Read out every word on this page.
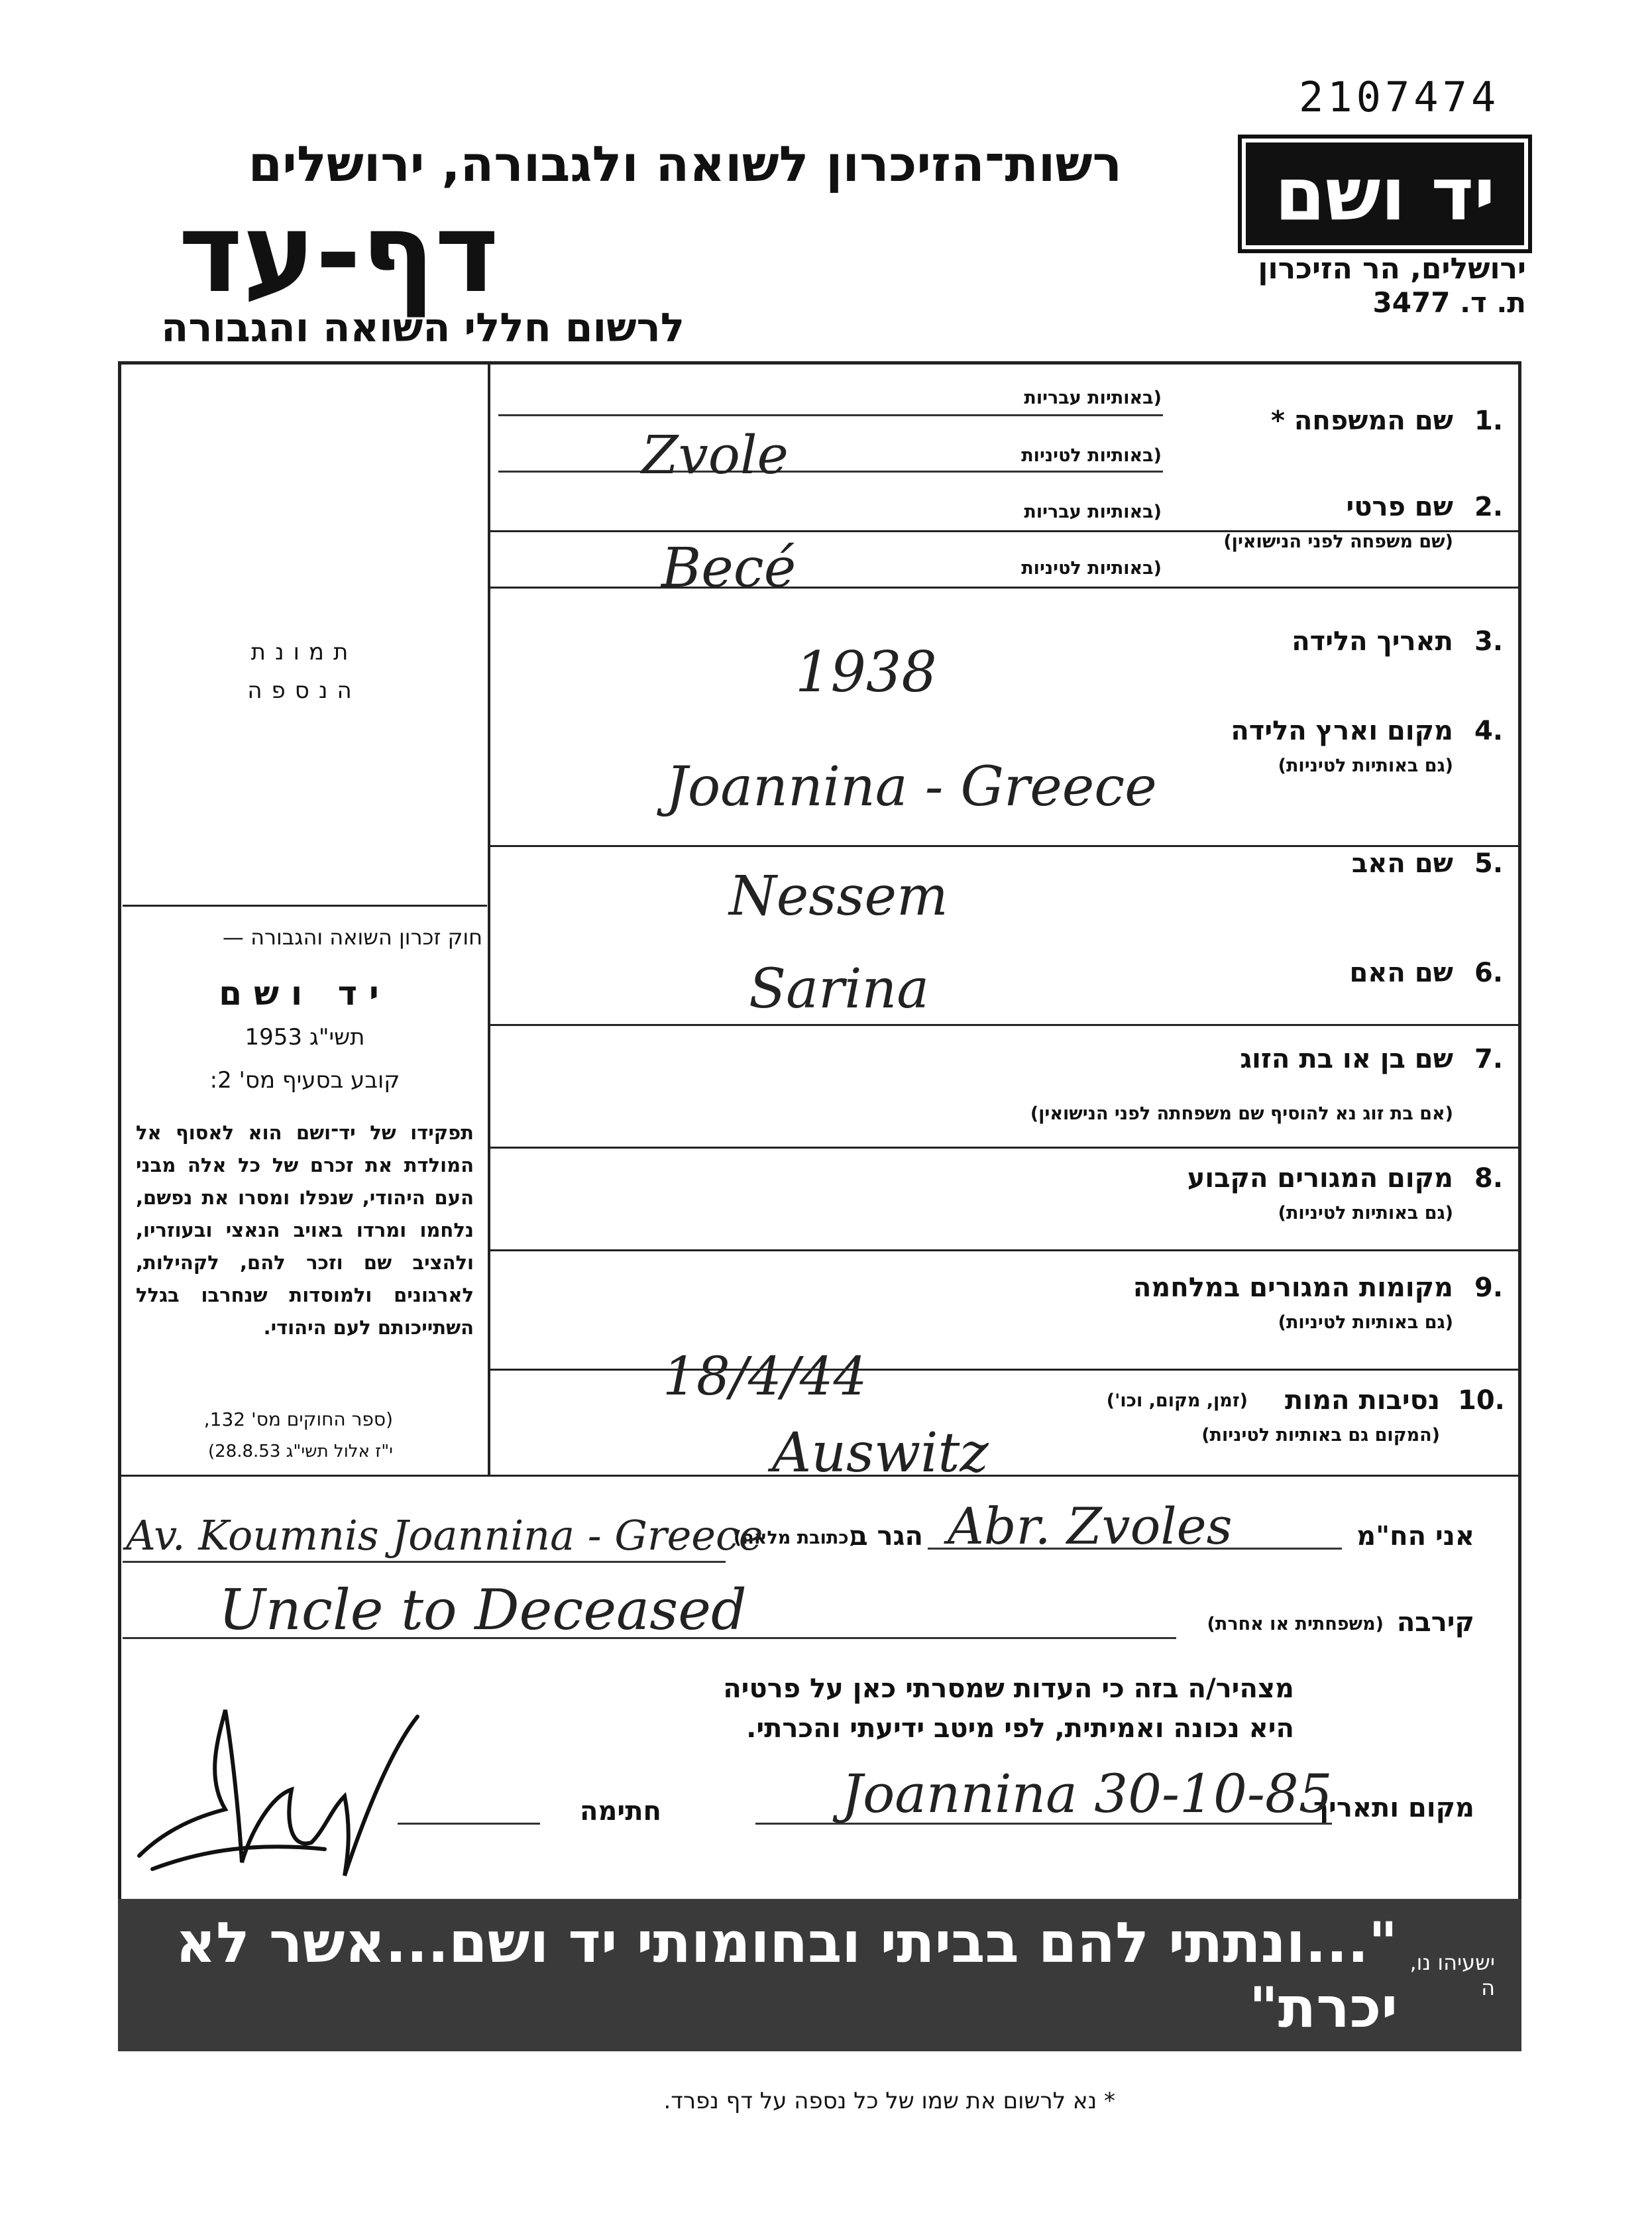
2107474
רשות־הזיכרון לשואה ולגבורה, ירושלים
דף-עד
לרשום חללי השואה והגבורה
יד ושם
ירושלים, הר הזיכרון
ת. ד. 3477
תמונת
הנספה
חוק זכרון השואה והגבורה —
יד ושם
תשי"ג 1953
קובע בסעיף מס' 2:
תפקידו של יד־ושם הוא לאסוף אל המולדת את זכרם של כל אלה מבני העם היהודי, שנפלו ומסרו את נפשם, נלחמו ומרדו באויב הנאצי ובעוזריו, ולהציב שם וזכר להם, לקהילות, לארגונים ולמוסדות שנחרבו בגלל השתייכותם לעם היהודי.
(ספר החוקים מס' 132,
י"ז אלול תשי"ג 28.8.53)
1.
שם המשפחה *
(באותיות עבריות
(באותיות לטיניות
Zvole
2.
שם פרטי
(שם משפחה לפני הנישואין)
(באותיות עבריות
(באותיות לטיניות
Becé
3.
תאריך הלידה
1938
4.
מקום וארץ הלידה
(גם באותיות לטיניות)
Joannina - Greece
5.
שם האב
Nessem
6.
שם האם
Sarina
7.
שם בן או בת הזוג
(אם בת זוג נא להוסיף שם משפחתה לפני הנישואין)
8.
מקום המגורים הקבוע
(גם באותיות לטיניות)
9.
מקומות המגורים במלחמה
(גם באותיות לטיניות)
10.
נסיבות המות
(זמן, מקום, וכו')
(המקום גם באותיות לטיניות)
18/4/44
Auswitz
אני הח"מ
Abr. Zvoles
הגר ב
(כתובת מלאה)
Av. Koumnis Joannina - Greece
קירבה
(משפחתית או אחרת)
Uncle to Deceased
מצהיר/ה בזה כי העדות שמסרתי כאן על פרטיה
היא נכונה ואמיתית, לפי מיטב ידיעתי והכרתי.
מקום ותאריך
Joannina 30-10-85
חתימה
ישעיהו נו, ה
"...ונתתי להם בביתי ובחומותי יד ושם...אשר לא יכרת"
* נא לרשום את שמו של כל נספה על דף נפרד.
